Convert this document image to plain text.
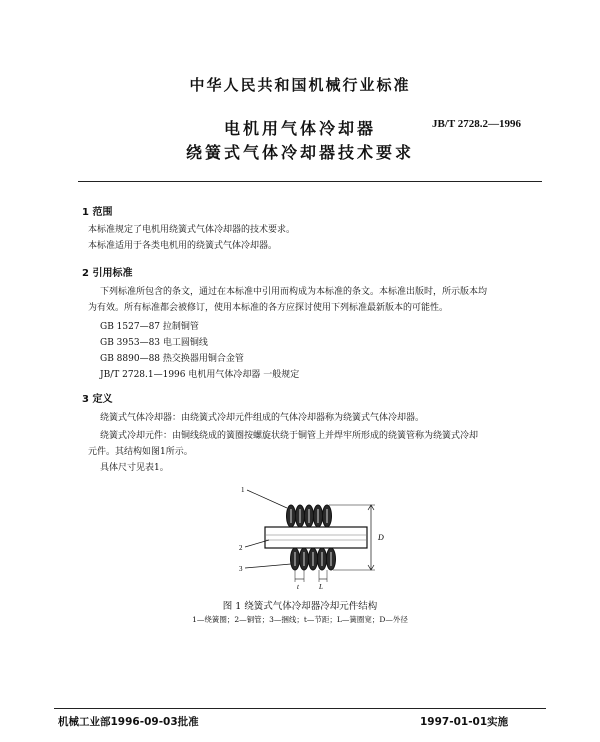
中华人民共和国机械行业标准
电机用气体冷却器
绕簧式气体冷却器技术要求
JB/T 2728.2—1996
1 范围
本标准规定了电机用绕簧式气体冷却器的技术要求。
本标准适用于各类电机用的绕簧式气体冷却器。
2 引用标准
下列标准所包含的条文，通过在本标准中引用而构成为本标准的条文。本标准出版时，所示版本均
为有效。所有标准都会被修订，使用本标准的各方应探讨使用下列标准最新版本的可能性。
GB 1527—87 拉制铜管
GB 3953—83 电工圆铜线
GB 8890—88 热交换器用铜合金管
JB/T 2728.1—1996 电机用气体冷却器 一般规定
3 定义
绕簧式气体冷却器：由绕簧式冷却元件组成的气体冷却器称为绕簧式气体冷却器。
绕簧式冷却元件：由铜线绕成的簧圈按螺旋状绕于铜管上并焊牢所形成的绕簧管称为绕簧式冷却
元件。其结构如图1所示。
具体尺寸见表1。
1
2
3
D
t	L
图 1 绕簧式气体冷却器冷却元件结构
1—绕簧圈；2—铜管；3—捆线；t—节距；L—簧圈宽；D—外径
机械工业部1996-09-03批准	1997-01-01实施
